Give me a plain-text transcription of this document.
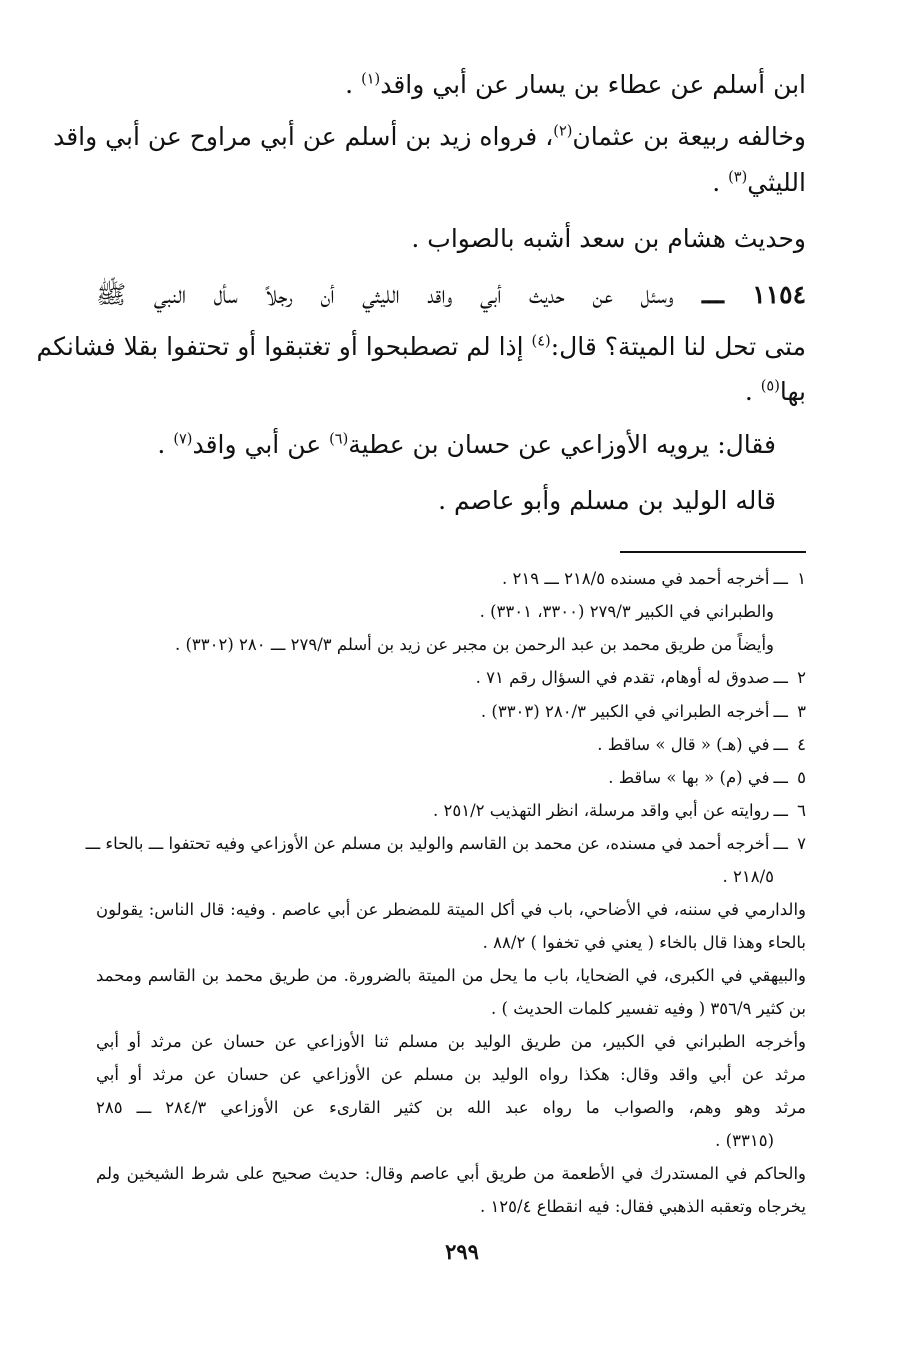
ابن أسلم عن عطاء بن يسار عن أبي واقد$^{(١)}$ .
وخالفه ربيعة بن عثمان$^{(٢)}$، فرواه زيد بن أسلم عن أبي مراوح عن أبي واقد
الليثي$^{(٣)}$ .
وحديث هشام بن سعد أشبه بالصواب .
١١٥٤ ـــ وسئل عن حديث أبي واقد الليثي أن رجلاً سأل النبي ﷺ
متى تحل لنا الميتة؟ قال:$^{(٤)}$ إذا لم تصطبحوا أو تغتبقوا أو تحتفوا بقلا فشانكم
بها$^{(٥)}$ .
فقال: يرويه الأوزاعي عن حسان بن عطية$^{(٦)}$ عن أبي واقد$^{(٧)}$ .
قاله الوليد بن مسلم وأبو عاصم .
١ـــأخرجه أحمد في مسنده ٢١٨/٥ ـــ ٢١٩ .
والطبراني في الكبير ٢٧٩/٣ (٣٣٠٠، ٣٣٠١) .
وأيضاً من طريق محمد بن عبد الرحمن بن مجبر عن زيد بن أسلم ٢٧٩/٣ ـــ ٢٨٠ (٣٣٠٢) .
٢ـــصدوق له أوهام، تقدم في السؤال رقم ٧١ .
٣ـــأخرجه الطبراني في الكبير ٢٨٠/٣ (٣٣٠٣) .
٤ـــفي (هـ) « قال » ساقط .
٥ـــفي (م) « بها » ساقط .
٦ـــروايته عن أبي واقد مرسلة، انظر التهذيب ٢٥١/٢ .
٧ـــأخرجه أحمد في مسنده، عن محمد بن القاسم والوليد بن مسلم عن الأوزاعي وفيه تحتفوا ـــ بالحاء ـــ
٢١٨/٥ .
والدارمي في سننه، في الأضاحي، باب في أكل الميتة للمضطر عن أبي عاصم . وفيه: قال الناس: يقولون
بالحاء وهذا قال بالخاء ( يعني في تخفوا ) ٨٨/٢ .
والبيهقي في الكبرى، في الضحايا، باب ما يحل من الميتة بالضرورة. من طريق محمد بن القاسم ومحمد
بن كثير ٣٥٦/٩ ( وفيه تفسير كلمات الحديث ) .
وأخرجه الطبراني في الكبير، من طريق الوليد بن مسلم ثنا الأوزاعي عن حسان عن مرثد أو أبي
مرثد عن أبي واقد وقال: هكذا رواه الوليد بن مسلم عن الأوزاعي عن حسان عن مرثد أو أبي
مرثد وهو وهم، والصواب ما رواه عبد الله بن كثير القارىء عن الأوزاعي ٢٨٤/٣ ـــ ٢٨٥
(٣٣١٥) .
والحاكم في المستدرك في الأطعمة من طريق أبي عاصم وقال: حديث صحيح على شرط الشيخين ولم
يخرجاه وتعقبه الذهبي فقال: فيه انقطاع ١٢٥/٤ .
٢٩٩
